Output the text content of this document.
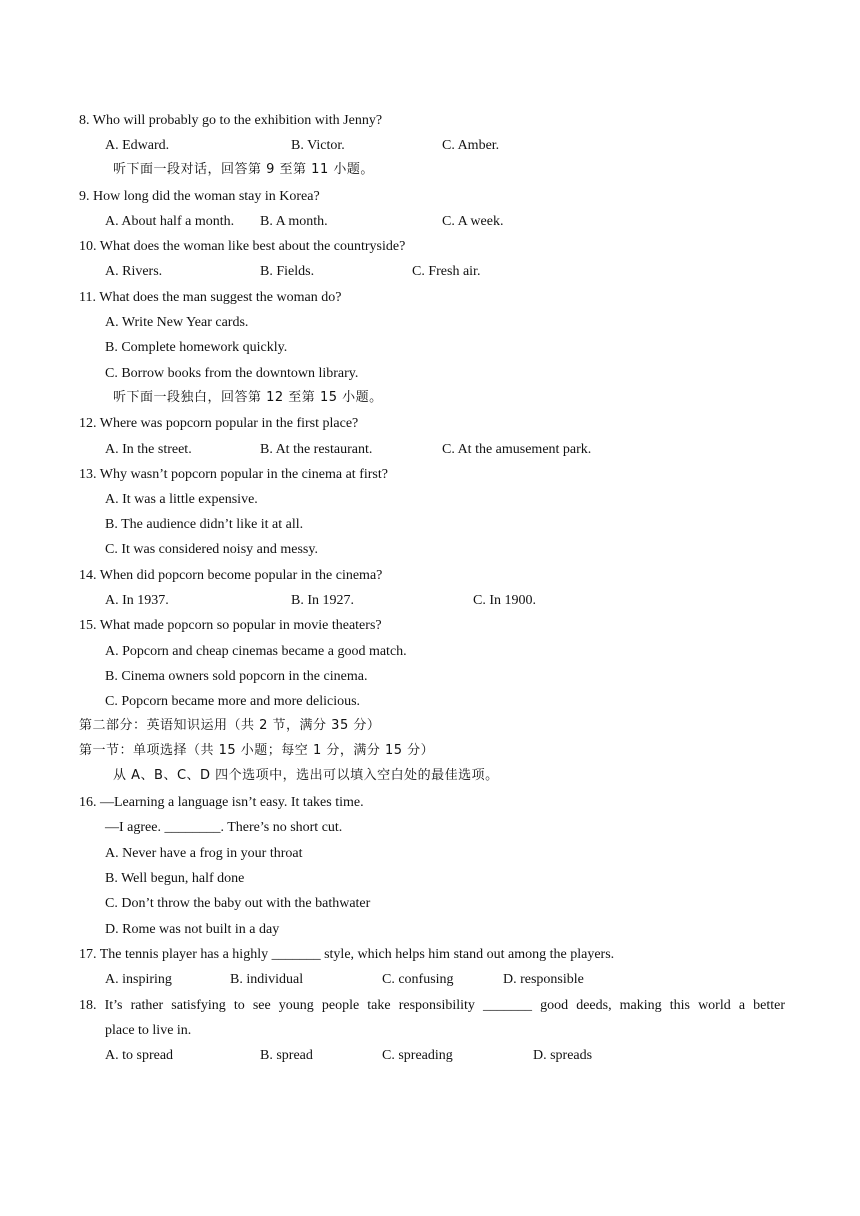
8. Who will probably go to the exhibition with Jenny?
A. Edward.	B. Victor.	C. Amber.
听下面一段对话，回答第 9 至第 11 小题。
9. How long did the woman stay in Korea?
A. About half a month. B. A month.	C. A week.
10. What does the woman like best about the countryside?
A. Rivers.	B. Fields.	C. Fresh air.
11. What does the man suggest the woman do?
A. Write New Year cards.
B. Complete homework quickly.
C. Borrow books from the downtown library.
听下面一段独白，回答第 12 至第 15 小题。
12. Where was popcorn popular in the first place?
A. In the street.	B. At the restaurant.	C. At the amusement park.
13. Why wasn’t popcorn popular in the cinema at first?
A. It was a little expensive.
B. The audience didn’t like it at all.
C. It was considered noisy and messy.
14. When did popcorn become popular in the cinema?
A. In 1937.	B. In 1927.	C. In 1900.
15. What made popcorn so popular in movie theaters?
A. Popcorn and cheap cinemas became a good match.
B. Cinema owners sold popcorn in the cinema.
C. Popcorn became more and more delicious.
第二部分：英语知识运用（共 2 节，满分 35 分）
第一节：单项选择（共 15 小题；每空 1 分，满分 15 分）
从 A、B、C、D 四个选项中，选出可以填入空白处的最佳选项。
16. —Learning a language isn’t easy. It takes time.
—I agree. ________. There’s no short cut.
A. Never have a frog in your throat
B. Well begun, half done
C. Don’t throw the baby out with the bathwater
D. Rome was not built in a day
17. The tennis player has a highly _______ style, which helps him stand out among the players.
A. inspiring	B. individual	C. confusing	D. responsible
18. It’s rather satisfying to see young people take responsibility _______ good deeds, making this world a better
place to live in.
A. to spread	B. spread	C. spreading	D. spreads
